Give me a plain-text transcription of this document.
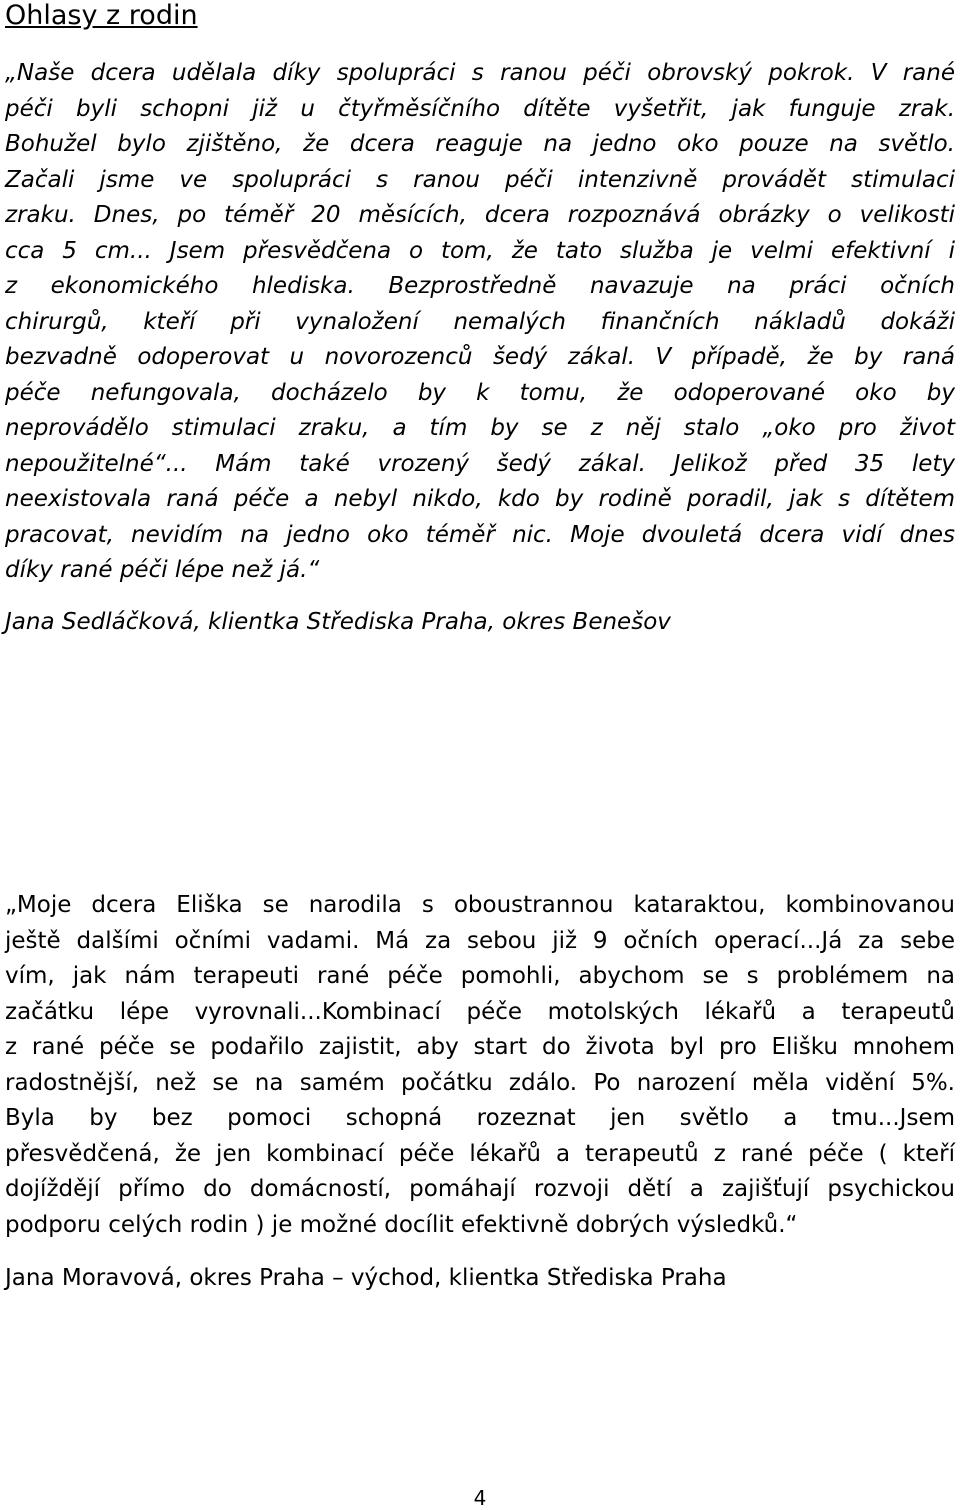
Ohlasy z rodin
„Naše dcera udělala díky spolupráci s ranou péči obrovský pokrok. V rané
péči byli schopni již u čtyřměsíčního dítěte vyšetřit, jak funguje zrak.
Bohužel bylo zjištěno, že dcera reaguje na jedno oko pouze na světlo.
Začali jsme ve spolupráci s ranou péči intenzivně provádět stimulaci
zraku. Dnes, po téměř 20 měsících, dcera rozpoznává obrázky o velikosti
cca 5 cm... Jsem přesvědčena o tom, že tato služba je velmi efektivní i
z ekonomického hlediska. Bezprostředně navazuje na práci očních
chirurgů, kteří při vynaložení nemalých finančních nákladů dokáži
bezvadně odoperovat u novorozenců šedý zákal. V případě, že by raná
péče nefungovala, docházelo by k tomu, že odoperované oko by
neprovádělo stimulaci zraku, a tím by se z něj stalo „oko pro život
nepoužitelné“... Mám také vrozený šedý zákal. Jelikož před 35 lety
neexistovala raná péče a nebyl nikdo, kdo by rodině poradil, jak s dítětem
pracovat, nevidím na jedno oko téměř nic. Moje dvouletá dcera vidí dnes
díky rané péči lépe než já.“
Jana Sedláčková, klientka Střediska Praha, okres Benešov
„Moje dcera Eliška se narodila s oboustrannou kataraktou, kombinovanou
ještě dalšími očními vadami. Má za sebou již 9 očních operací...Já za sebe
vím, jak nám terapeuti rané péče pomohli, abychom se s problémem na
začátku lépe vyrovnali...Kombinací péče motolských lékařů a terapeutů
z rané péče se podařilo zajistit, aby start do života byl pro Elišku mnohem
radostnější, než se na samém počátku zdálo. Po narození měla vidění 5%.
Byla by bez pomoci schopná rozeznat jen světlo a tmu...Jsem
přesvědčená, že jen kombinací péče lékařů a terapeutů z rané péče ( kteří
dojíždějí přímo do domácností, pomáhají rozvoji dětí a zajišťují psychickou
podporu celých rodin ) je možné docílit efektivně dobrých výsledků.“
Jana Moravová, okres Praha – východ, klientka Střediska Praha
4
